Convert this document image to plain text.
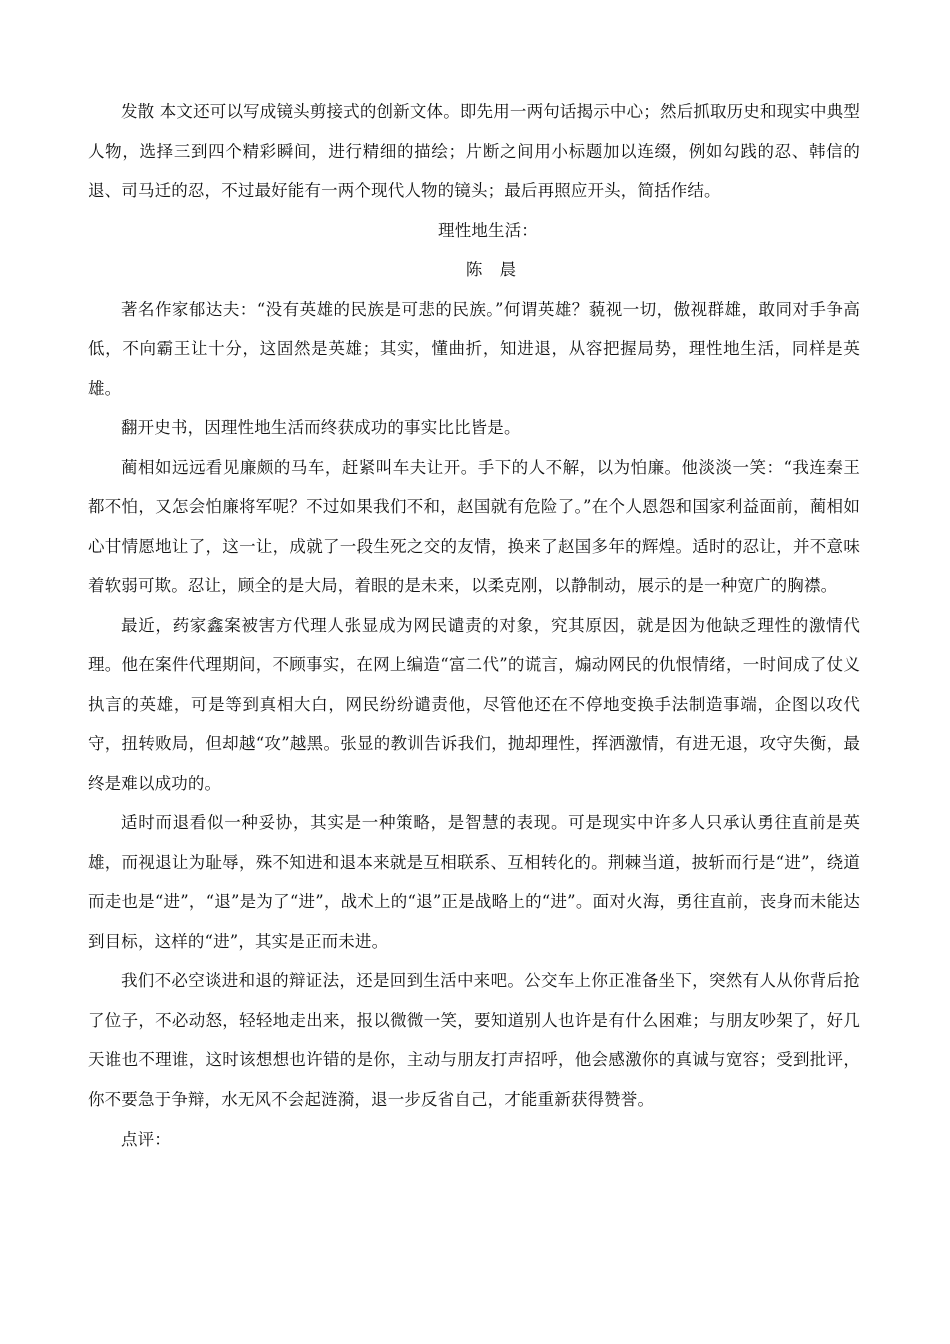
发散 本文还可以写成镜头剪接式的创新文体。即先用一两句话揭示中心；然后抓取历史和现实中典型人物，选择三到四个精彩瞬间，进行精细的描绘；片断之间用小标题加以连缀，例如勾践的忍、韩信的退、司马迁的忍，不过最好能有一两个现代人物的镜头；最后再照应开头，简括作结。

理性地生活：

陈 晨

著名作家郁达夫：“没有英雄的民族是可悲的民族。”何谓英雄？藐视一切，傲视群雄，敢同对手争高低，不向霸王让十分，这固然是英雄；其实，懂曲折，知进退，从容把握局势，理性地生活，同样是英雄。

翻开史书，因理性地生活而终获成功的事实比比皆是。

蔺相如远远看见廉颇的马车，赶紧叫车夫让开。手下的人不解，以为怕廉。他淡淡一笑：“我连秦王都不怕，又怎会怕廉将军呢？不过如果我们不和，赵国就有危险了。”在个人恩怨和国家利益面前，蔺相如心甘情愿地让了，这一让，成就了一段生死之交的友情，换来了赵国多年的辉煌。适时的忍让，并不意味着软弱可欺。忍让，顾全的是大局，着眼的是未来，以柔克刚，以静制动，展示的是一种宽广的胸襟。

最近，药家鑫案被害方代理人张显成为网民谴责的对象，究其原因，就是因为他缺乏理性的激情代理。他在案件代理期间，不顾事实，在网上编造“富二代”的谎言，煽动网民的仇恨情绪，一时间成了仗义执言的英雄，可是等到真相大白，网民纷纷谴责他，尽管他还在不停地变换手法制造事端，企图以攻代守，扭转败局，但却越“攻”越黑。张显的教训告诉我们，抛却理性，挥洒激情，有进无退，攻守失衡，最终是难以成功的。

适时而退看似一种妥协，其实是一种策略，是智慧的表现。可是现实中许多人只承认勇往直前是英雄，而视退让为耻辱，殊不知进和退本来就是互相联系、互相转化的。荆棘当道，披斩而行是“进”，绕道而走也是“进”，“退”是为了“进”，战术上的“退”正是战略上的“进”。面对火海，勇往直前，丧身而未能达到目标，这样的“进”，其实是正而未进。

我们不必空谈进和退的辩证法，还是回到生活中来吧。公交车上你正准备坐下，突然有人从你背后抢了位子，不必动怒，轻轻地走出来，报以微微一笑，要知道别人也许是有什么困难；与朋友吵架了，好几天谁也不理谁，这时该想想也许错的是你，主动与朋友打声招呼，他会感激你的真诚与宽容；受到批评，你不要急于争辩，水无风不会起涟漪，退一步反省自己，才能重新获得赞誉。

点评：
